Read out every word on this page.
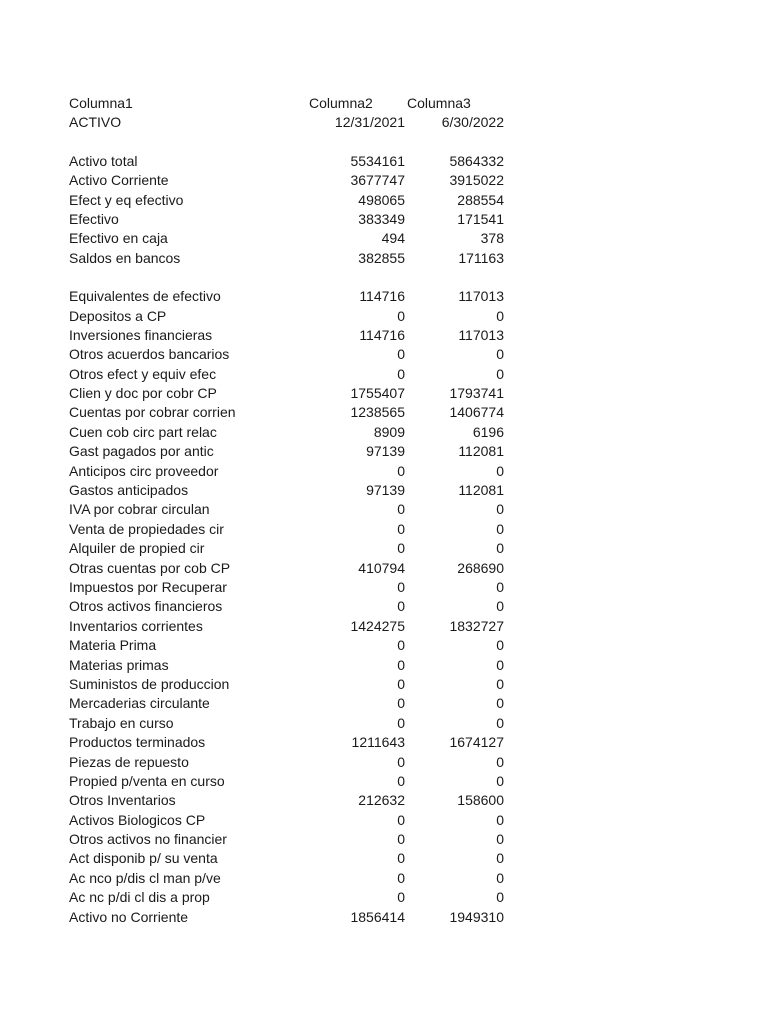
Columna1	Columna2	Columna3
ACTIVO	12/31/2021	6/30/2022
Activo total	5534161	5864332
Activo Corriente	3677747	3915022
Efect y eq efectivo	498065	288554
Efectivo	383349	171541
Efectivo en caja	494	378
Saldos en bancos	382855	171163
Equivalentes de efectivo	114716	117013
Depositos a CP	0	0
Inversiones financieras	114716	117013
Otros acuerdos bancarios	0	0
Otros efect y equiv efec	0	0
Clien y doc por cobr CP	1755407	1793741
Cuentas por cobrar corrien	1238565	1406774
Cuen cob circ part relac	8909	6196
Gast pagados por antic	97139	112081
Anticipos circ proveedor	0	0
Gastos anticipados	97139	112081
IVA por cobrar circulan	0	0
Venta de propiedades cir	0	0
Alquiler de propied cir	0	0
Otras cuentas por cob CP	410794	268690
Impuestos por Recuperar	0	0
Otros activos financieros	0	0
Inventarios corrientes	1424275	1832727
Materia Prima	0	0
Materias primas	0	0
Suministos de produccion	0	0
Mercaderias circulante	0	0
Trabajo en curso	0	0
Productos terminados	1211643	1674127
Piezas de repuesto	0	0
Propied p/venta en curso	0	0
Otros Inventarios	212632	158600
Activos Biologicos CP	0	0
Otros activos no financier	0	0
Act disponib p/ su venta	0	0
Ac nco p/dis cl man p/ve	0	0
Ac nc p/di cl dis a prop	0	0
Activo no Corriente	1856414	1949310
